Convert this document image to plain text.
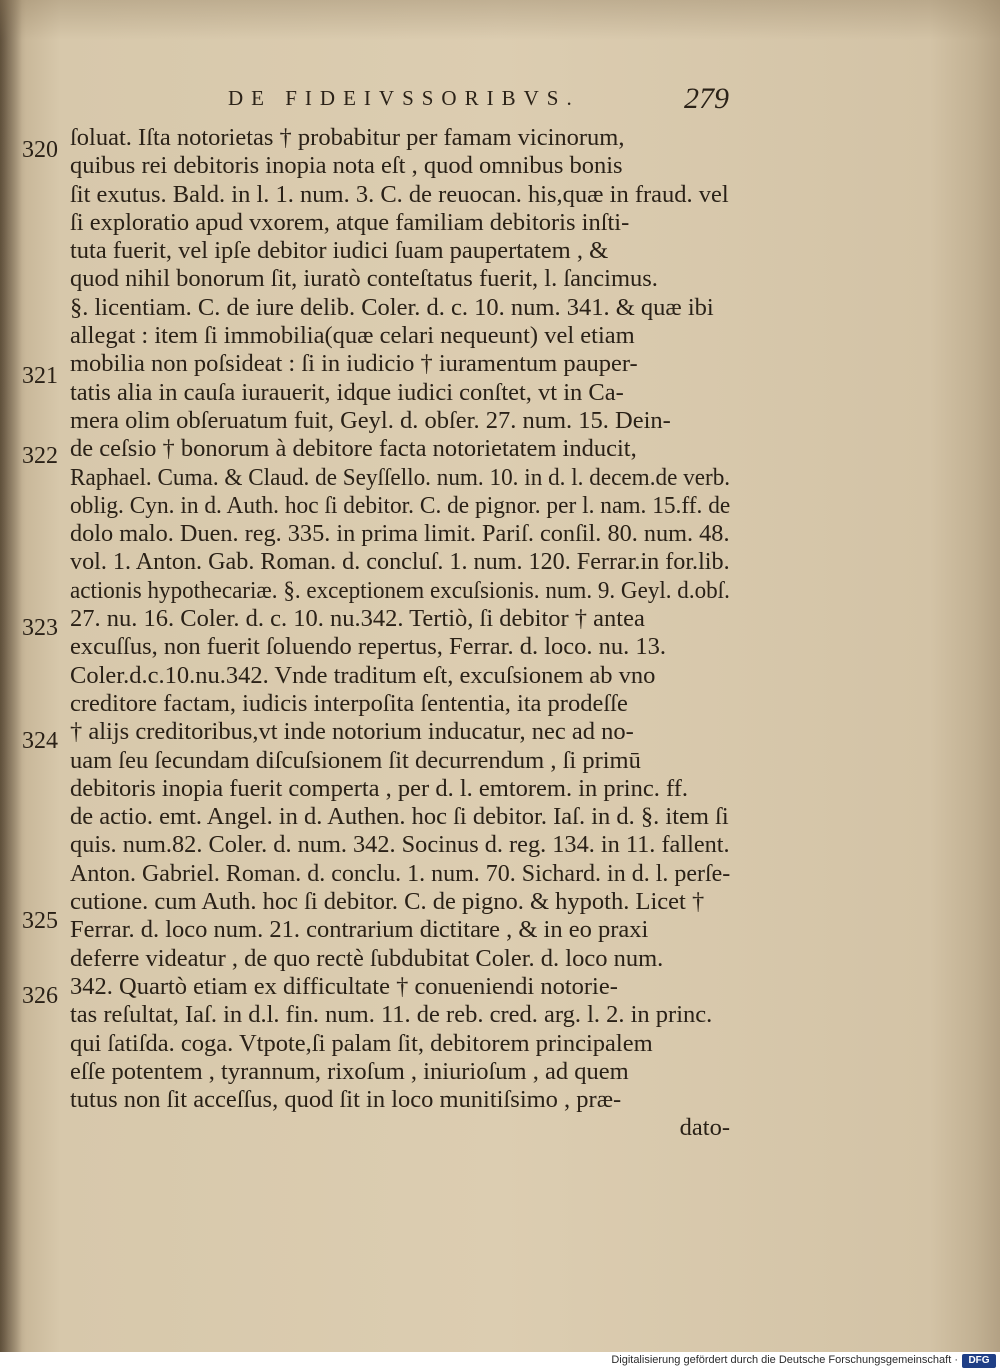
DE FIDEIVSSORIBVS.	279
ſoluat. Iſta notorietas † probabitur per famam vicinorum,
quibus rei debitoris inopia nota eſt , quod omnibus bonis
ſit exutus. Bald. in l. 1. num. 3. C. de reuocan. his,quæ in fraud. vel
ſi exploratio apud vxorem, atque familiam debitoris inſti-
tuta fuerit, vel ipſe debitor iudici ſuam paupertatem , &
quod nihil bonorum ſit, iuratò conteſtatus fuerit, l. ſancimus.
§. licentiam. C. de iure delib. Coler. d. c. 10. num. 341. & quæ ibi
allegat : item ſi immobilia(quæ celari nequeunt) vel etiam
mobilia non poſsideat : ſi in iudicio † iuramentum pauper-
tatis alia in cauſa iurauerit, idque iudici conſtet, vt in Ca-
mera olim obſeruatum fuit, Geyl. d. obſer. 27. num. 15. Dein-
de ceſsio † bonorum à debitore facta notorietatem inducit,
Raphael. Cuma. & Claud. de Seyſſello. num. 10. in d. l. decem.de verb.
oblig. Cyn. in d. Auth. hoc ſi debitor. C. de pignor. per l. nam. 15.ff. de
dolo malo. Duen. reg. 335. in prima limit. Pariſ. conſil. 80. num. 48.
vol. 1. Anton. Gab. Roman. d. concluſ. 1. num. 120. Ferrar.in for.lib.
actionis hypothecariæ. §. exceptionem excuſsionis. num. 9. Geyl. d.obſ.
27. nu. 16. Coler. d. c. 10. nu.342. Tertiò, ſi debitor † antea
excuſſus, non fuerit ſoluendo repertus, Ferrar. d. loco. nu. 13.
Coler.d.c.10.nu.342. Vnde traditum eſt, excuſsionem ab vno
creditore factam, iudicis interpoſita ſententia, ita prodeſſe
† alijs creditoribus,vt inde notorium inducatur, nec ad no-
uam ſeu ſecundam diſcuſsionem ſit decurrendum , ſi primū
debitoris inopia fuerit comperta , per d. l. emtorem. in princ. ff.
de actio. emt. Angel. in d. Authen. hoc ſi debitor. Iaſ. in d. §. item ſi
quis. num.82. Coler. d. num. 342. Socinus d. reg. 134. in 11. fallent.
Anton. Gabriel. Roman. d. conclu. 1. num. 70. Sichard. in d. l. perſe-
cutione. cum Auth. hoc ſi debitor. C. de pigno. & hypoth. Licet †
Ferrar. d. loco num. 21. contrarium dictitare , & in eo praxi
deferre videatur , de quo rectè ſubdubitat Coler. d. loco num.
342. Quartò etiam ex difficultate † conueniendi notorie-
tas reſultat, Iaſ. in d.l. fin. num. 11. de reb. cred. arg. l. 2. in princ.
qui ſatiſda. coga. Vtpote,ſi palam ſit, debitorem principalem
eſſe potentem , tyrannum, rixoſum , iniurioſum , ad quem
tutus non ſit acceſſus, quod ſit in loco munitiſsimo , præ-
dato-
320
321
322
323
324
325
326
Digitalisierung gefördert durch die Deutsche Forschungsgemeinschaft ·	DFG
